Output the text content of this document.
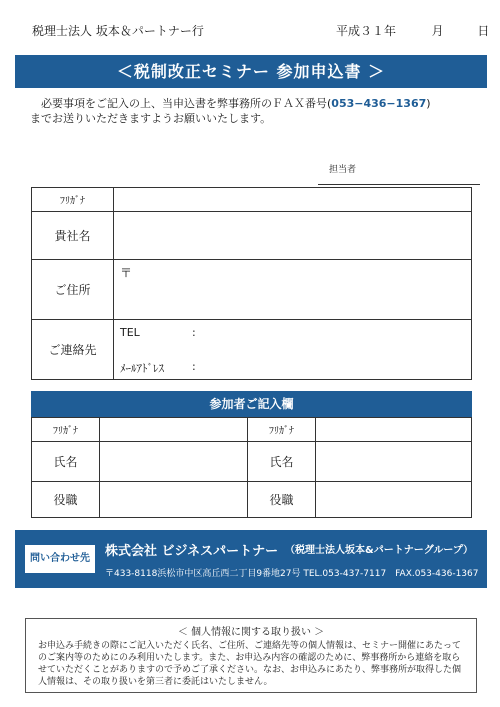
税理士法人 坂本＆パートナー行	平成３１年	月	日
＜税制改正セミナー 参加申込書 ＞
必要事項をご記入の上、当申込書を弊事務所のＦＡＸ番号(053−436−1367)
までお送りいただきますようお願いいたします。
担当者
ﾌﾘｶﾞﾅ	
貴社名	
ご住所	〒

ご連絡先	TEL :
ﾒｰﾙｱﾄﾞﾚｽ :
参加者ご記入欄
ﾌﾘｶﾞﾅ		ﾌﾘｶﾞﾅ	
氏名		氏名	
役職		役職	
問い合わせ先	株式会社 ビジネスパートナー （税理士法人坂本&パートナーグループ）
〒433-8118浜松市中区高丘西二丁目9番地27号 TEL.053-437-7117　FAX.053-436-1367
＜ 個人情報に関する取り扱い ＞
お申込み手続きの際にご記入いただく氏名、ご住所、ご連絡先等の個人情報は、セミナー開催にあたってのご案内等のためにのみ利用いたします。また、お申込み内容の確認のために、弊事務所から連絡を取らせていただくことがありますので予めご了承ください。なお、お申込みにあたり、弊事務所が取得した個人情報は、その取り扱いを第三者に委託はいたしません。
